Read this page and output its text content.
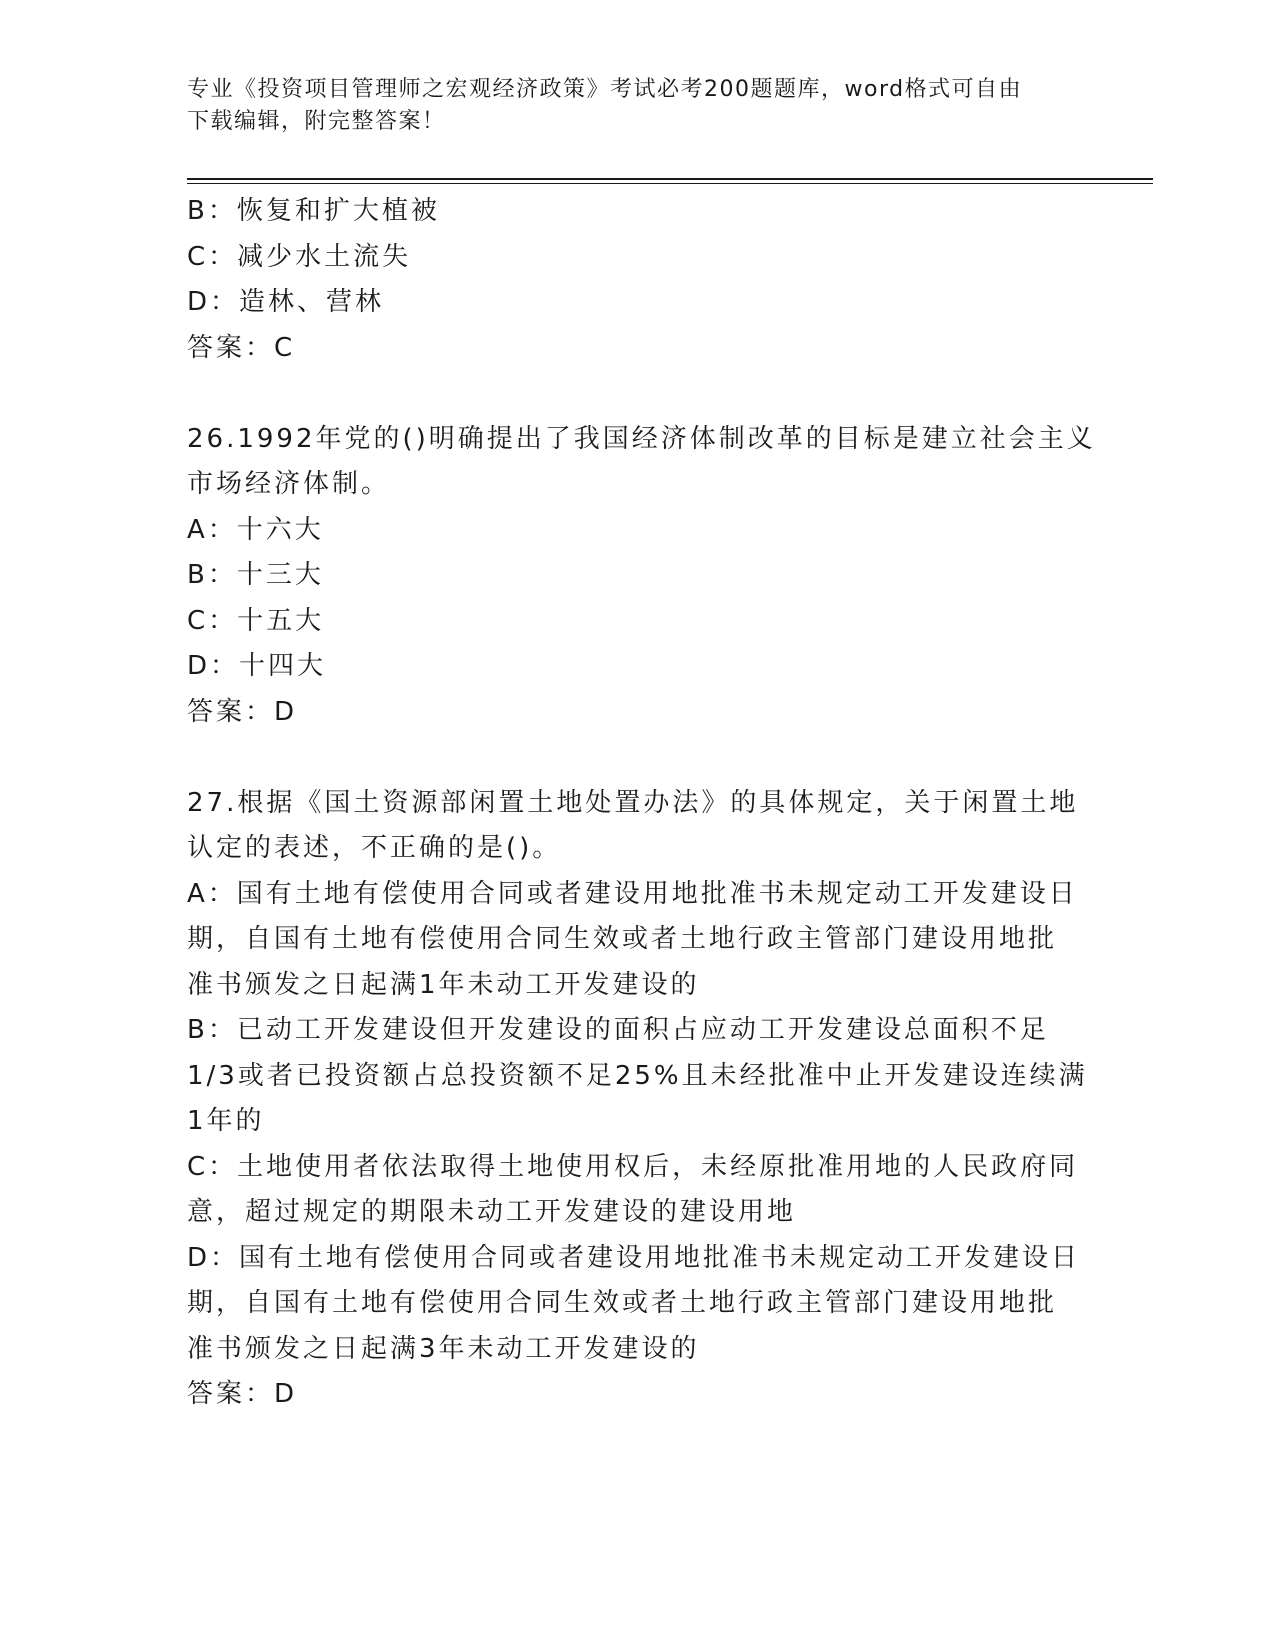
专业《投资项目管理师之宏观经济政策》考试必考200题题库，word格式可自由
下载编辑，附完整答案！
B：恢复和扩大植被
C：减少水土流失
D：造林、营林
答案：C
26.1992年党的()明确提出了我国经济体制改革的目标是建立社会主义
市场经济体制。
A：十六大
B：十三大
C：十五大
D：十四大
答案：D
27.根据《国土资源部闲置土地处置办法》的具体规定，关于闲置土地
认定的表述，不正确的是()。
A：国有土地有偿使用合同或者建设用地批准书未规定动工开发建设日
期，自国有土地有偿使用合同生效或者土地行政主管部门建设用地批
准书颁发之日起满1年未动工开发建设的
B：已动工开发建设但开发建设的面积占应动工开发建设总面积不足
1/3或者已投资额占总投资额不足25%且未经批准中止开发建设连续满
1年的
C：土地使用者依法取得土地使用权后，未经原批准用地的人民政府同
意，超过规定的期限未动工开发建设的建设用地
D：国有土地有偿使用合同或者建设用地批准书未规定动工开发建设日
期，自国有土地有偿使用合同生效或者土地行政主管部门建设用地批
准书颁发之日起满3年未动工开发建设的
答案：D
